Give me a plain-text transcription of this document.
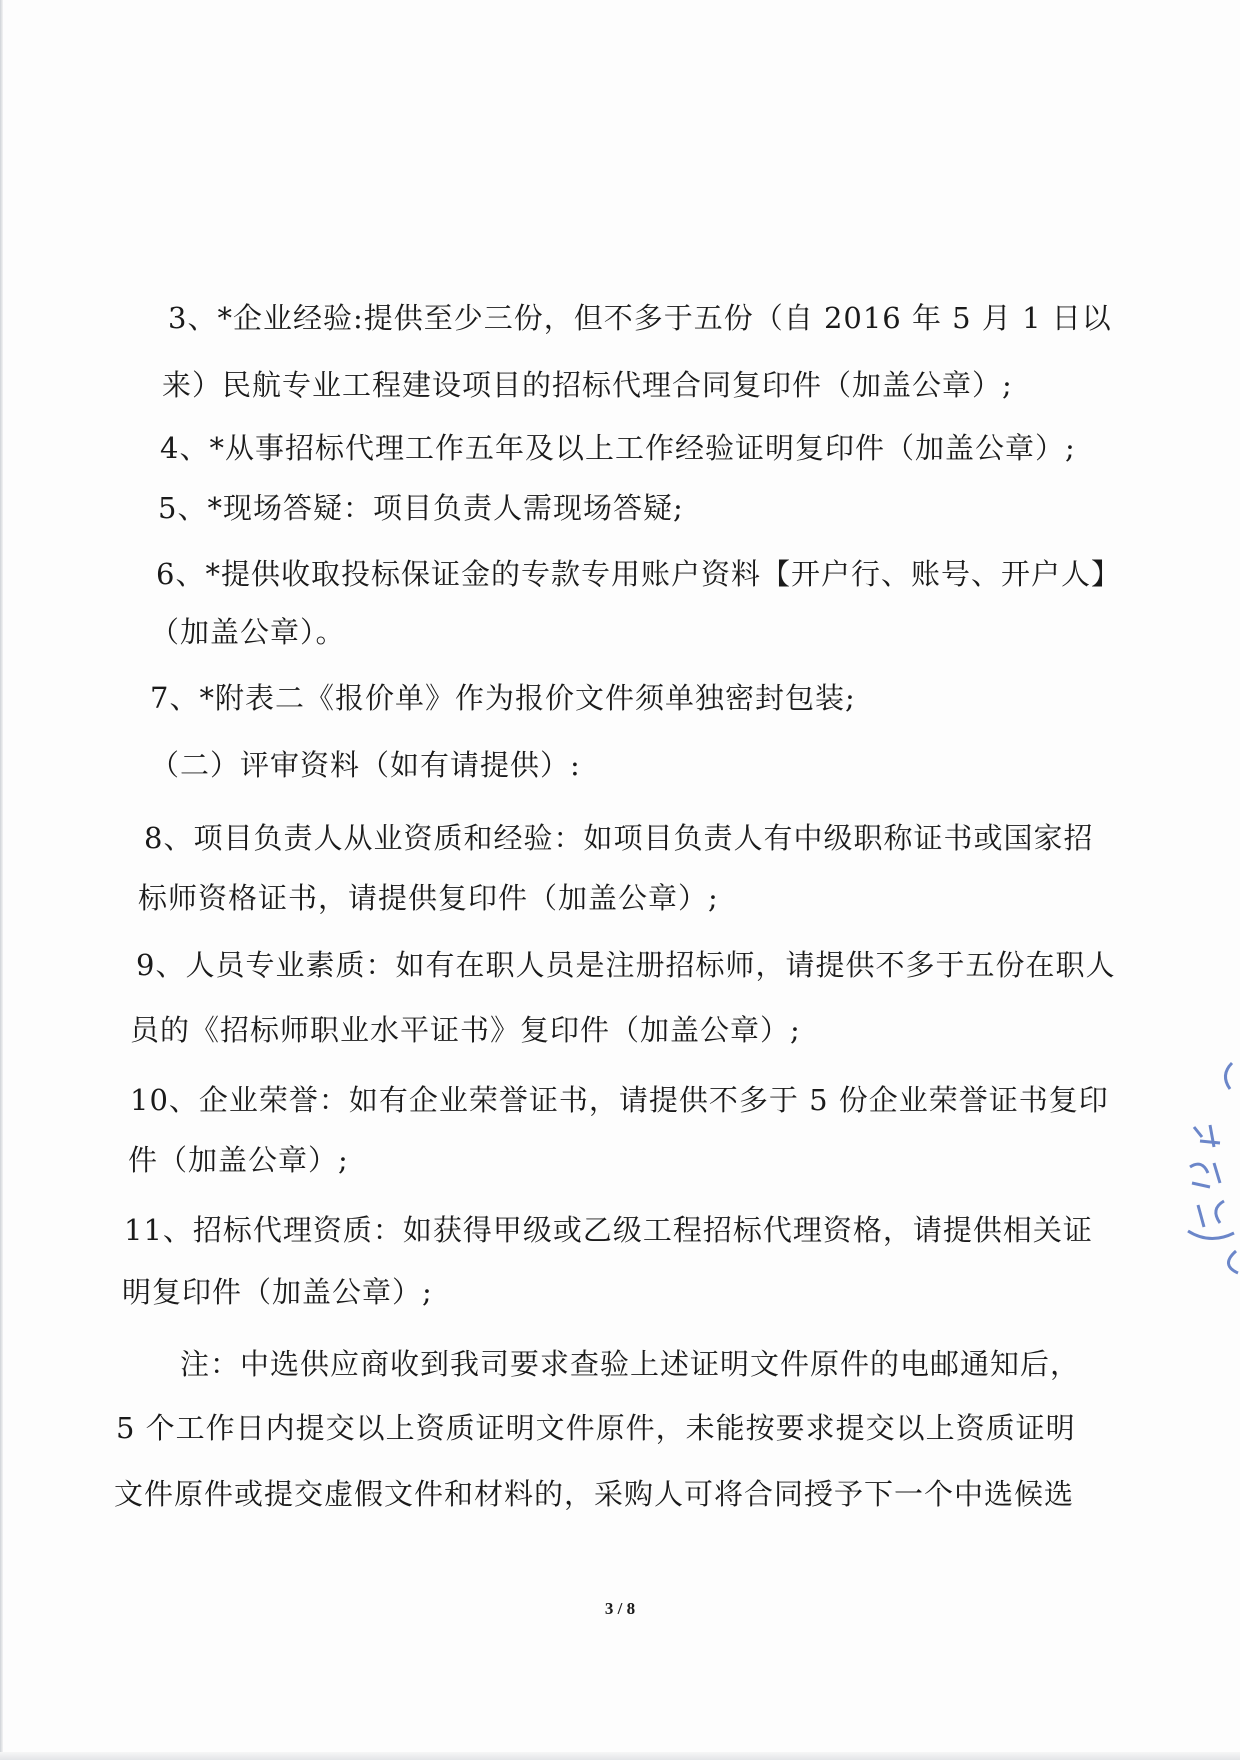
3、*企业经验:提供至少三份，但不多于五份（自 2016 年 5 月 1 日以
来）民航专业工程建设项目的招标代理合同复印件（加盖公章）;
4、*从事招标代理工作五年及以上工作经验证明复印件（加盖公章）;
5、*现场答疑：项目负责人需现场答疑;
6、*提供收取投标保证金的专款专用账户资料【开户行、账号、开户人】
（加盖公章）。
7、*附表二《报价单》作为报价文件须单独密封包装;
（二）评审资料（如有请提供）:
8、项目负责人从业资质和经验：如项目负责人有中级职称证书或国家招
标师资格证书，请提供复印件（加盖公章）;
9、人员专业素质：如有在职人员是注册招标师，请提供不多于五份在职人
员的《招标师职业水平证书》复印件（加盖公章）;
10、企业荣誉：如有企业荣誉证书，请提供不多于 5 份企业荣誉证书复印
件（加盖公章）;
11、招标代理资质：如获得甲级或乙级工程招标代理资格，请提供相关证
明复印件（加盖公章）;
注：中选供应商收到我司要求查验上述证明文件原件的电邮通知后，
5 个工作日内提交以上资质证明文件原件，未能按要求提交以上资质证明
文件原件或提交虚假文件和材料的，采购人可将合同授予下一个中选候选
3 / 8
